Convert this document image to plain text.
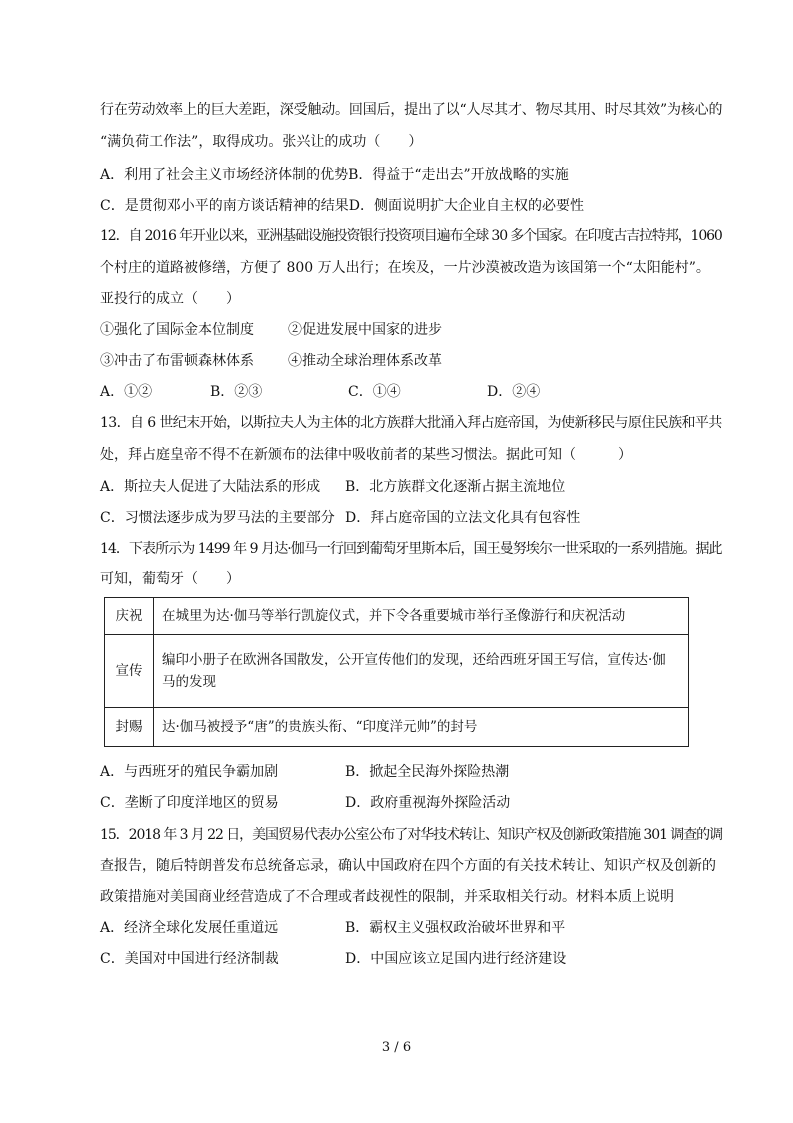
行在劳动效率上的巨大差距，深受触动。回国后，提出了以“人尽其才、物尽其用、时尽其效”为核心的
“满负荷工作法”，取得成功。张兴让的成功（　　）
A．利用了社会主义市场经济体制的优势B．得益于“走出去”开放战略的实施
C．是贯彻邓小平的南方谈话精神的结果D．侧面说明扩大企业自主权的必要性
12．自 2016 年开业以来，亚洲基础设施投资银行投资项目遍布全球 30 多个国家。在印度古吉拉特邦，1060
个村庄的道路被修缮，方便了 800 万人出行；在埃及，一片沙漠被改造为该国第一个“太阳能村”。
亚投行的成立（　　）
①强化了国际金本位制度 ②促进发展中国家的进步
③冲击了布雷顿森林体系 ④推动全球治理体系改革
A．①②	B．②③	C．①④	D．②④
13．自 6 世纪末开始，以斯拉夫人为主体的北方族群大批涌入拜占庭帝国，为使新移民与原住民族和平共
处，拜占庭皇帝不得不在新颁布的法律中吸收前者的某些习惯法。据此可知（　　　）
A．斯拉夫人促进了大陆法系的形成 B．北方族群文化逐渐占据主流地位
C．习惯法逐步成为罗马法的主要部分 D．拜占庭帝国的立法文化具有包容性
14．下表所示为 1499 年 9 月达·伽马一行回到葡萄牙里斯本后，国王曼努埃尔一世采取的一系列措施。据此
可知，葡萄牙（　　）
庆祝	在城里为达·伽马等举行凯旋仪式，并下令各重要城市举行圣像游行和庆祝活动
宣传	编印小册子在欧洲各国散发，公开宣传他们的发现，还给西班牙国王写信，宣传达·伽
马的发现

封赐	达·伽马被授予“唐”的贵族头衔、“印度洋元帅”的封号
A．与西班牙的殖民争霸加剧	B．掀起全民海外探险热潮
C．垄断了印度洋地区的贸易	D．政府重视海外探险活动
15．2018 年 3 月 22 日，美国贸易代表办公室公布了对华技术转让、知识产权及创新政策措施 301 调查的调
查报告，随后特朗普发布总统备忘录，确认中国政府在四个方面的有关技术转让、知识产权及创新的
政策措施对美国商业经营造成了不合理或者歧视性的限制，并采取相关行动。材料本质上说明
A．经济全球化发展任重道远	B．霸权主义强权政治破坏世界和平
C．美国对中国进行经济制裁	D．中国应该立足国内进行经济建设
3 / 6
